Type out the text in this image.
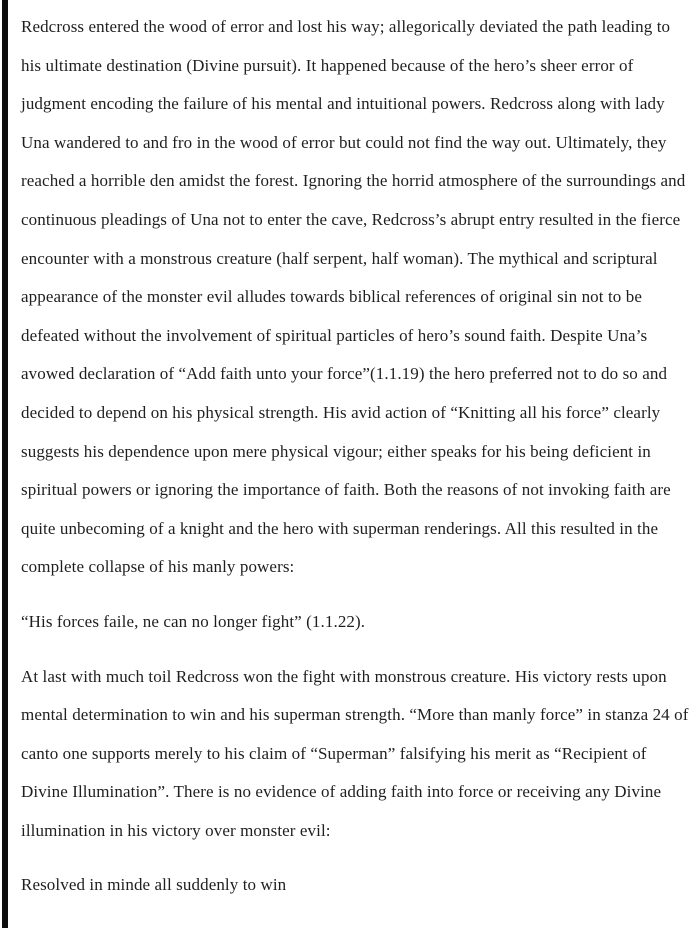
Redcross entered the wood of error and lost his way; allegorically deviated the path leading to
his ultimate destination (Divine pursuit). It happened because of the hero’s sheer error of
judgment encoding the failure of his mental and intuitional powers. Redcross along with lady
Una wandered to and fro in the wood of error but could not find the way out. Ultimately, they
reached a horrible den amidst the forest. Ignoring the horrid atmosphere of the surroundings and
continuous pleadings of Una not to enter the cave, Redcross’s abrupt entry resulted in the fierce
encounter with a monstrous creature (half serpent, half woman). The mythical and scriptural
appearance of the monster evil alludes towards biblical references of original sin not to be
defeated without the involvement of spiritual particles of hero’s sound faith. Despite Una’s
avowed declaration of “Add faith unto your force”(1.1.19) the hero preferred not to do so and
decided to depend on his physical strength. His avid action of “Knitting all his force” clearly
suggests his dependence upon mere physical vigour; either speaks for his being deficient in
spiritual powers or ignoring the importance of faith. Both the reasons of not invoking faith are
quite unbecoming of a knight and the hero with superman renderings. All this resulted in the
complete collapse of his manly powers:
“His forces faile, ne can no longer fight” (1.1.22).
At last with much toil Redcross won the fight with monstrous creature. His victory rests upon
mental determination to win and his superman strength. “More than manly force” in stanza 24 of
canto one supports merely to his claim of “Superman” falsifying his merit as “Recipient of
Divine Illumination”. There is no evidence of adding faith into force or receiving any Divine
illumination in his victory over monster evil:
Resolved in minde all suddenly to win
